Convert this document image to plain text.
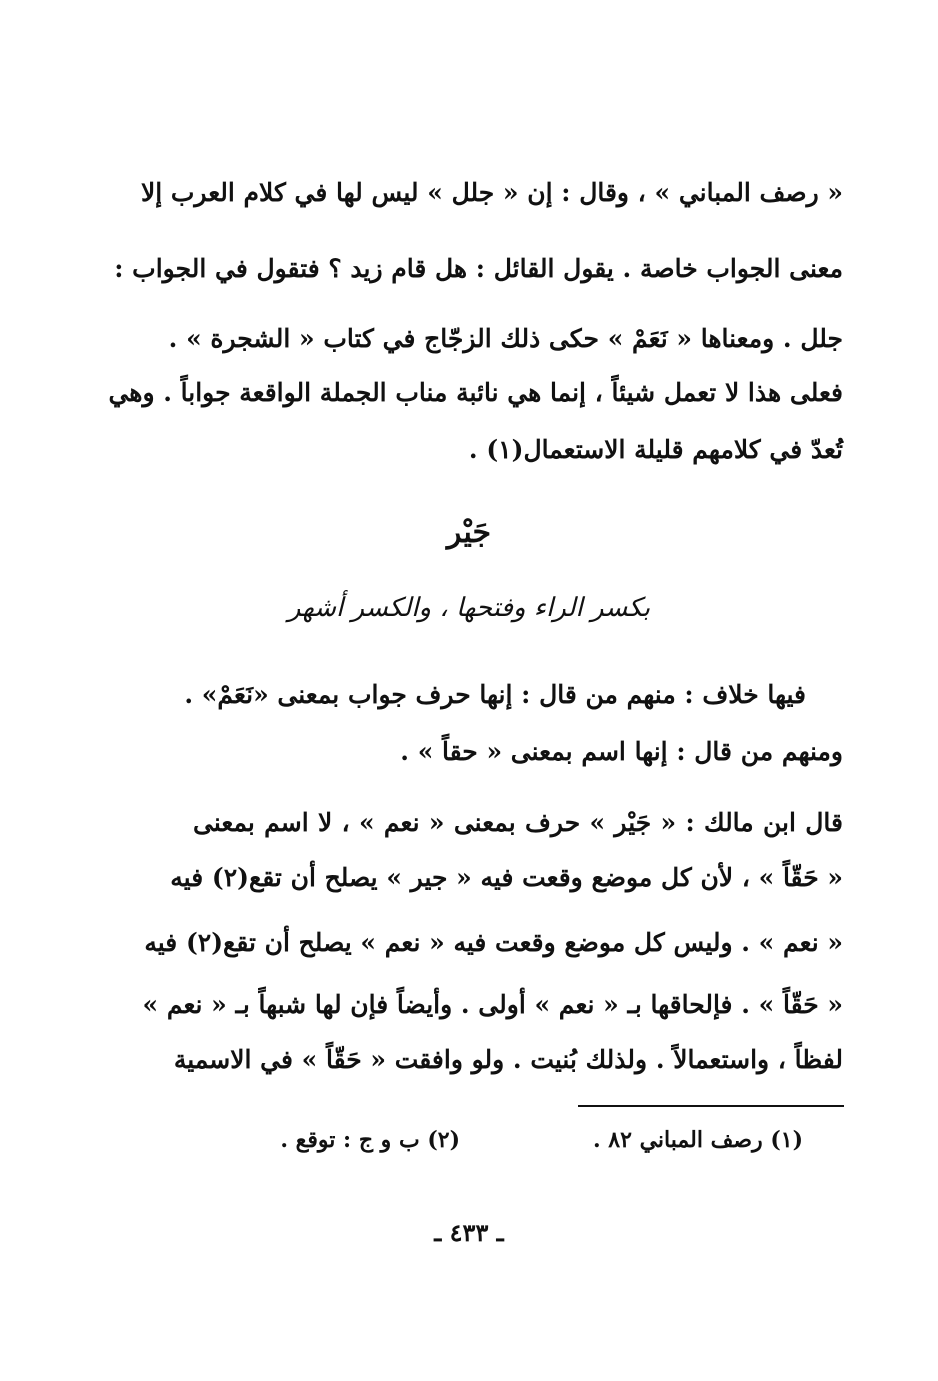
« رصف المباني » ، وقال : إن « جلل » ليس لها في كلام العرب إلا
معنى الجواب خاصة . يقول القائل : هل قام زيد ؟ فتقول في الجواب :
جلل . ومعناها « نَعَمْ » حكى ذلك الزجّاج في كتاب « الشجرة » .
فعلى هذا لا تعمل شيئاً ، إنما هي نائبة مناب الجملة الواقعة جواباً . وهي
تُعدّ في كلامهم قليلة الاستعمال(١) .
جَيْر
بكسر الراء وفتحها ، والكسر أشهر
فيها خلاف : منهم من قال : إنها حرف جواب بمعنى «نَعَمْ» .
ومنهم من قال : إنها اسم بمعنى « حقاً » .
قال ابن مالك : « جَيْر » حرف بمعنى « نعم » ، لا اسم بمعنى
« حَقّاً » ، لأن كل موضع وقعت فيه « جير » يصلح أن تقع(٢) فيه
« نعم » . وليس كل موضع وقعت فيه « نعم » يصلح أن تقع(٢) فيه
« حَقّاً » . فإلحاقها بـ « نعم » أولى . وأيضاً فإن لها شبهاً بـ « نعم »
لفظاً ، واستعمالاً . ولذلك بُنيت . ولو وافقت « حَقّاً » في الاسمية
(١) رصف المباني ٨٢ .
(٢) ب و ج : توقع .
ـ ٤٣٣ ـ
